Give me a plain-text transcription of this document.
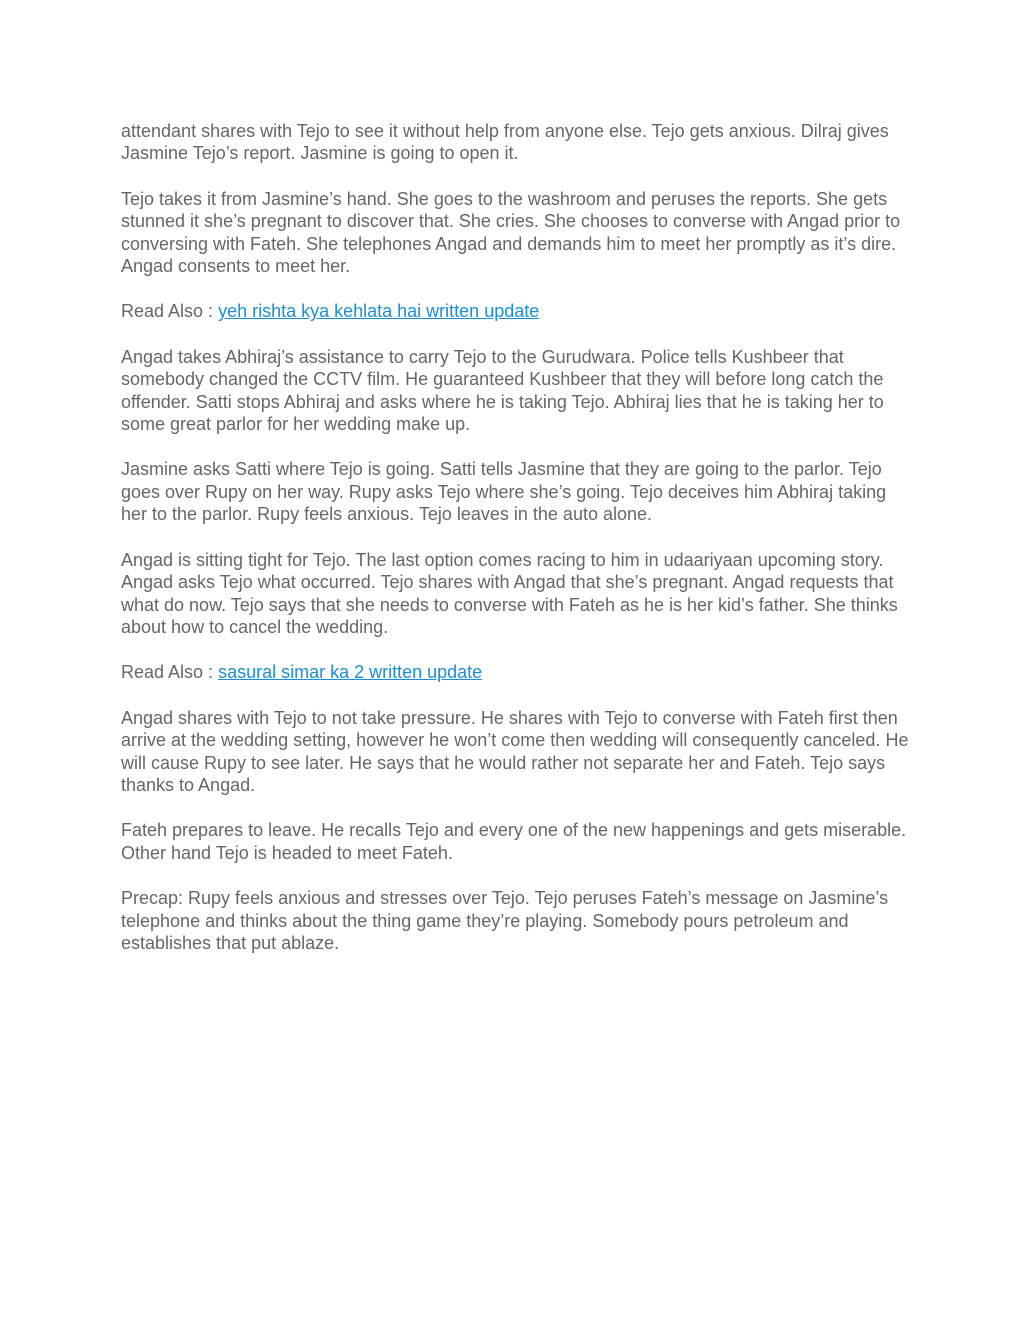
attendant shares with Tejo to see it without help from anyone else. Tejo gets anxious. Dilraj gives Jasmine Tejo’s report. Jasmine is going to open it.

Tejo takes it from Jasmine’s hand. She goes to the washroom and peruses the reports. She gets stunned it she’s pregnant to discover that. She cries. She chooses to converse with Angad prior to conversing with Fateh. She telephones Angad and demands him to meet her promptly as it’s dire. Angad consents to meet her.

Read Also : yeh rishta kya kehlata hai written update

Angad takes Abhiraj’s assistance to carry Tejo to the Gurudwara. Police tells Kushbeer that somebody changed the CCTV film. He guaranteed Kushbeer that they will before long catch the offender. Satti stops Abhiraj and asks where he is taking Tejo. Abhiraj lies that he is taking her to some great parlor for her wedding make up.

Jasmine asks Satti where Tejo is going. Satti tells Jasmine that they are going to the parlor. Tejo goes over Rupy on her way. Rupy asks Tejo where she’s going. Tejo deceives him Abhiraj taking her to the parlor. Rupy feels anxious. Tejo leaves in the auto alone.

Angad is sitting tight for Tejo. The last option comes racing to him in udaariyaan upcoming story. Angad asks Tejo what occurred. Tejo shares with Angad that she’s pregnant. Angad requests that what do now. Tejo says that she needs to converse with Fateh as he is her kid’s father. She thinks about how to cancel the wedding.

Read Also : sasural simar ka 2 written update

Angad shares with Tejo to not take pressure. He shares with Tejo to converse with Fateh first then arrive at the wedding setting, however he won’t come then wedding will consequently canceled. He will cause Rupy to see later. He says that he would rather not separate her and Fateh. Tejo says thanks to Angad.

Fateh prepares to leave. He recalls Tejo and every one of the new happenings and gets miserable. Other hand Tejo is headed to meet Fateh.

Precap: Rupy feels anxious and stresses over Tejo. Tejo peruses Fateh’s message on Jasmine’s telephone and thinks about the thing game they’re playing. Somebody pours petroleum and establishes that put ablaze.
